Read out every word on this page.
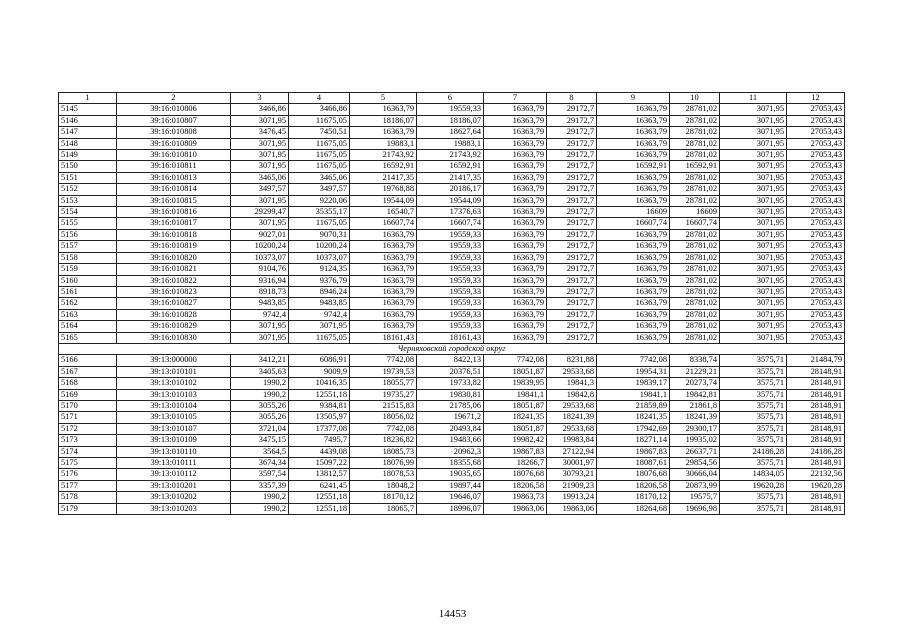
1	2	3	4	5	6	7	8	9	10	11	12
5145	39:16:010806	3466,86	3466,86	16363,79	19559,33	16363,79	29172,7	16363,79	28781,02	3071,95	27053,43
5146	39:16:010807	3071,95	11675,05	18186,07	18186,07	16363,79	29172,7	16363,79	28781,02	3071,95	27053,43
5147	39:16:010808	3476,45	7450,51	16363,79	18627,64	16363,79	29172,7	16363,79	28781,02	3071,95	27053,43
5148	39:16:010809	3071,95	11675,05	19883,1	19883,1	16363,79	29172,7	16363,79	28781,02	3071,95	27053,43
5149	39:16:010810	3071,95	11675,05	21743,92	21743,92	16363,79	29172,7	16363,79	28781,02	3071,95	27053,43
5150	39:16:010811	3071,95	11675,05	16592,91	16592,91	16363,79	29172,7	16592,91	16592,91	3071,95	27053,43
5151	39:16:010813	3465,06	3465,06	21417,35	21417,35	16363,79	29172,7	16363,79	28781,02	3071,95	27053,43
5152	39:16:010814	3497,57	3497,57	19768,88	20186,17	16363,79	29172,7	16363,79	28781,02	3071,95	27053,43
5153	39:16:010815	3071,95	9220,06	19544,09	19544,09	16363,79	29172,7	16363,79	28781,02	3071,95	27053,43
5154	39:16:010816	29299,47	35355,17	16540,7	17376,63	16363,79	29172,7	16609	16609	3071,95	27053,43
5155	39:16:010817	3071,95	11675,05	16607,74	16607,74	16363,79	29172,7	16607,74	16607,74	3071,95	27053,43
5156	39:16:010818	9027,01	9070,31	16363,79	19559,33	16363,79	29172,7	16363,79	28781,02	3071,95	27053,43
5157	39:16:010819	10200,24	10200,24	16363,79	19559,33	16363,79	29172,7	16363,79	28781,02	3071,95	27053,43
5158	39:16:010820	10373,07	10373,07	16363,79	19559,33	16363,79	29172,7	16363,79	28781,02	3071,95	27053,43
5159	39:16:010821	9104,76	9124,35	16363,79	19559,33	16363,79	29172,7	16363,79	28781,02	3071,95	27053,43
5160	39:16:010822	9316,94	9376,79	16363,79	19559,33	16363,79	29172,7	16363,79	28781,02	3071,95	27053,43
5161	39:16:010823	8918,73	8946,24	16363,79	19559,33	16363,79	29172,7	16363,79	28781,02	3071,95	27053,43
5162	39:16:010827	9483,85	9483,85	16363,79	19559,33	16363,79	29172,7	16363,79	28781,02	3071,95	27053,43
5163	39:16:010828	9742,4	9742,4	16363,79	19559,33	16363,79	29172,7	16363,79	28781,02	3071,95	27053,43
5164	39:16:010829	3071,95	3071,95	16363,79	19559,33	16363,79	29172,7	16363,79	28781,02	3071,95	27053,43
5165	39:16:010830	3071,95	11675,05	18161,43	18161,43	16363,79	29172,7	16363,79	28781,02	3071,95	27053,43
Черняховский городской округ											
5166	39:13:000000	3412,21	6086,91	7742,08	8422,13	7742,08	8231,88	7742,08	8338,74	3575,71	21484,79
5167	39:13:010101	3405,63	9009,9	19739,53	20376,51	18051,87	29533,68	19954,31	21229,21	3575,71	28148,91
5168	39:13:010102	1990,2	10416,35	18055,77	19733,82	19839,95	19841,3	19839,17	20273,74	3575,71	28148,91
5169	39:13:010103	1990,2	12551,18	19735,27	19830,81	19841,1	19842,8	19841,1	19842,81	3575,71	28148,91
5170	39:13:010104	3055,26	9384,81	21515,83	21785,06	18051,87	29533,68	21859,89	21861,8	3575,71	28148,91
5171	39:13:010105	3055,26	13505,97	18056,02	19671,2	18241,35	18241,39	18241,35	18241,39	3575,71	28148,91
5172	39:13:010107	3721,04	17377,08	7742,08	20493,84	18051,87	29533,68	17942,69	29300,17	3575,71	28148,91
5173	39:13:010109	3475,15	7495,7	18236,82	19483,66	19982,42	19983,84	18271,14	19935,02	3575,71	28148,91
5174	39:13:010110	3564,5	4439,08	18085,73	20962,3	19867,83	27122,94	19867,83	26637,71	24186,28	24186,28
5175	39:13:010111	3674,34	15097,22	18076,99	18355,68	18266,7	30001,97	18087,61	29854,56	3575,71	28148,91
5176	39:13:010112	3597,54	13812,57	18078,53	19035,65	18076,68	30793,21	18076,68	30666,04	14834,05	22132,56
5177	39:13:010201	3357,39	6241,45	18048,2	19897,44	18206,58	21909,23	18206,58	20873,99	19620,28	19620,28
5178	39:13:010202	1990,2	12551,18	18170,12	19646,07	19863,73	19913,24	18170,12	19575,7	3575,71	28148,91
5179	39:13:010203	1990,2	12551,18	18065,7	18996,07	19863,06	19863,06	18264,68	19696,98	3575,71	28148,91
14453
